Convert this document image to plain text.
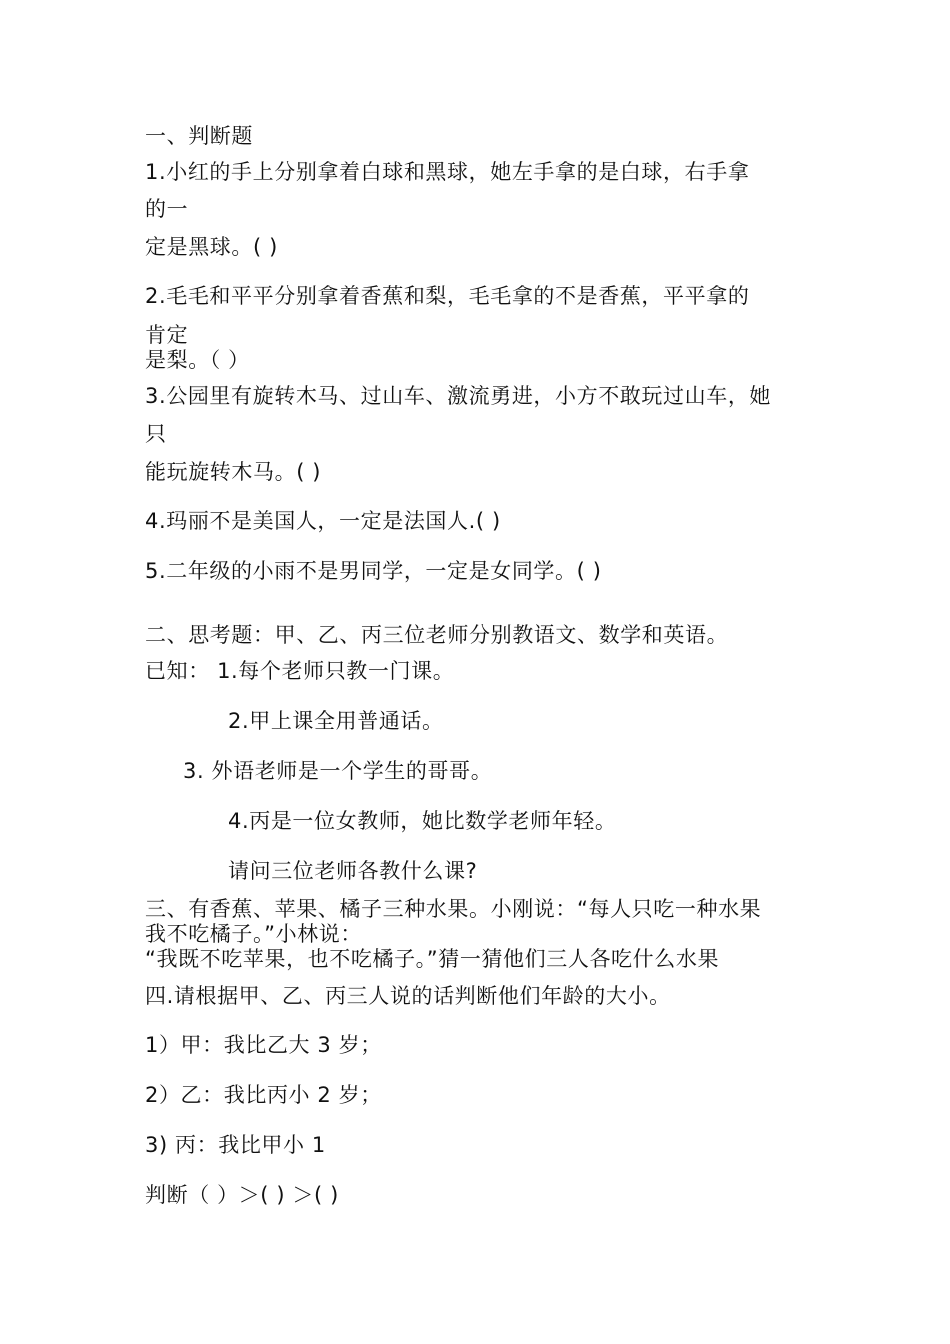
一、判断题
1.小红的手上分别拿着白球和黑球，她左手拿的是白球，右手拿
的一
定是黑球。( )
2.毛毛和平平分别拿着香蕉和梨，毛毛拿的不是香蕉，平平拿的
肯定
是梨。（ ）
3.公园里有旋转木马、过山车、激流勇进，小方不敢玩过山车，她
只
能玩旋转木马。( )
4.玛丽不是美国人，一定是法国人.( )
5.二年级的小雨不是男同学，一定是女同学。( )
二、思考题：甲、乙、丙三位老师分别教语文、数学和英语。
已知： 1.每个老师只教一门课。
2.甲上课全用普通话。
3. 外语老师是一个学生的哥哥。
4.丙是一位女教师，她比数学老师年轻。
请问三位老师各教什么课?
三、有香蕉、苹果、橘子三种水果。小刚说：“每人只吃一种水果
我不吃橘子。”小林说：
“我既不吃苹果，也不吃橘子。”猜一猜他们三人各吃什么水果
四.请根据甲、乙、丙三人说的话判断他们年龄的大小。
1）甲：我比乙大 3 岁；
2）乙：我比丙小 2 岁；
3) 丙：我比甲小 1
判断（ ）＞( ) ＞( )
